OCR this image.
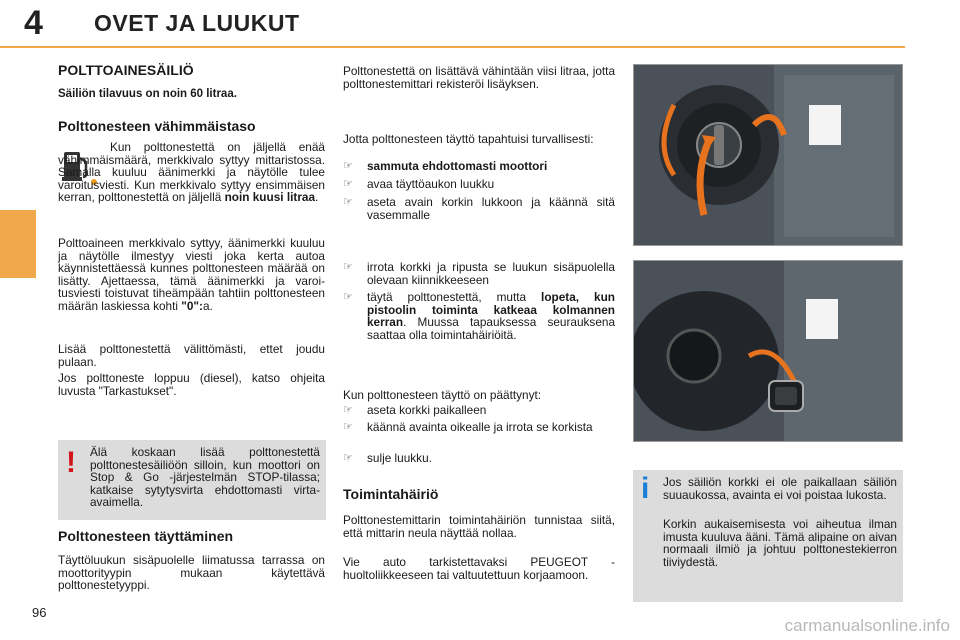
4 OVET JA LUUKUT
POLTTOAINESÄILIÖ
Säiliön tilavuus on noin 60 litraa.
Polttonesteen vähimmäistaso
Kun polttonestettä on jäljellä enää vähimmäismäärä, merkkivalo syttyy mittaristossa. Samalla kuuluu äänimerkki ja näytölle tulee varoitusviesti. Kun merkkivalo syttyy ensimmäisen kerran, polttonestettä on jäljellä noin kuusi litraa.
Polttoaineen merkkivalo syttyy, äänimerkki kuuluu ja näytölle ilmestyy viesti joka kerta autoa käynnistettäessä kunnes polttonesteen määrää on lisätty. Ajettaessa, tämä äänimerkki ja varoitusviesti toistuvat tiheämpään tahtiin polttonesteen määrän laskiessa kohti "0":a.
Lisää polttonestettä välittömästi, ettet joudu pulaan.
Jos polttoneste loppuu (diesel), katso ohjeita luvusta "Tarkastukset".
! Älä koskaan lisää polttonestettä polttonestesäiliöön silloin, kun moottori on Stop & Go -järjestelmän STOP-tilassa; katkaise sytytysvirta ehdottomasti virta-avaimella.
Polttonesteen täyttäminen
Täyttöluukun sisäpuolelle liimatussa tarrassa on moottorityypin mukaan käytettävä polttonestetyyppi.
Polttonestettä on lisättävä vähintään viisi litraa, jotta polttonestemittari rekisteröi lisäyksen.
Jotta polttonesteen täyttö tapahtuisi turvallisesti:
☞	sammuta ehdottomasti moottori
☞	avaa täyttöaukon luukku
☞	aseta avain korkin lukkoon ja käännä sitä vasemmalle
☞	irrota korkki ja ripusta se luukun sisäpuolella olevaan kiinnikkeeseen
☞	täytä polttonestettä, mutta lopeta, kun pistoolin toiminta katkeaa kolmannen kerran. Muussa tapauksessa seurauksena saattaa olla toimintahäiriöitä.
Kun polttonesteen täyttö on päättynyt:
☞	aseta korkki paikalleen
☞	käännä avainta oikealle ja irrota se korkista
☞	sulje luukku.
Toimintahäiriö
Polttonestemittarin toimintahäiriön tunnistaa siitä, että mittarin neula näyttää nollaa.
Vie auto tarkistettavaksi PEUGEOT -huoltoliikkeeseen tai valtuutettuun korjaamoon.
i Jos säiliön korkki ei ole paikallaan säiliön suuaukossa, avainta ei voi poistaa lukosta.
Korkin aukaisemisesta voi aiheutua ilman imusta kuuluva ääni. Tämä alipaine on aivan normaali ilmiö ja johtuu polttonestekierron tiiviydestä.
96
carmanualsonline.info
